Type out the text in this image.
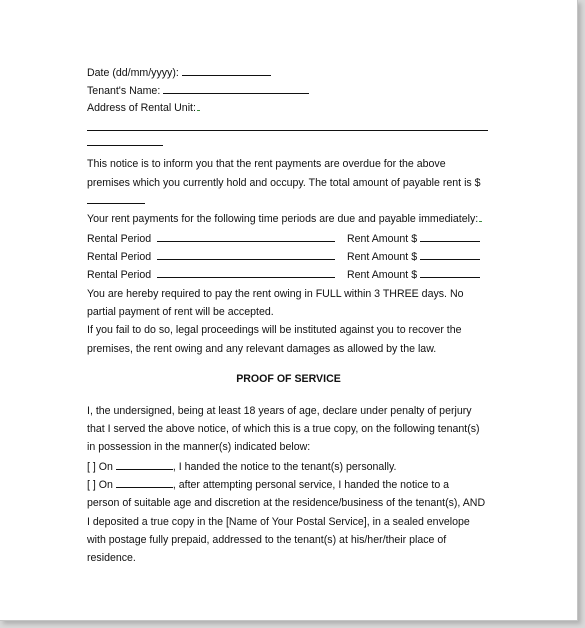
Date (dd/mm/yyyy):
Tenant's Name:
Address of Rental Unit:
This notice is to inform you that the rent payments are overdue for the above
premises which you currently hold and occupy. The total amount of payable rent is $
Your rent payments for the following time periods are due and payable immediately:
Rental Period	Rent Amount $
Rental Period	Rent Amount $
Rental Period	Rent Amount $
You are hereby required to pay the rent owing in FULL within 3 THREE days. No
partial payment of rent will be accepted.
If you fail to do so, legal proceedings will be instituted against you to recover the
premises, the rent owing and any relevant damages as allowed by the law.
PROOF OF SERVICE
I, the undersigned, being at least 18 years of age, declare under penalty of perjury
that I served the above notice, of which this is a true copy, on the following tenant(s)
in possession in the manner(s) indicated below:
[ ] On	, I handed the notice to the tenant(s) personally.
[ ] On	, after attempting personal service, I handed the notice to a
person of suitable age and discretion at the residence/business of the tenant(s), AND
I deposited a true copy in the [Name of Your Postal Service], in a sealed envelope
with postage fully prepaid, addressed to the tenant(s) at his/her/their place of
residence.
